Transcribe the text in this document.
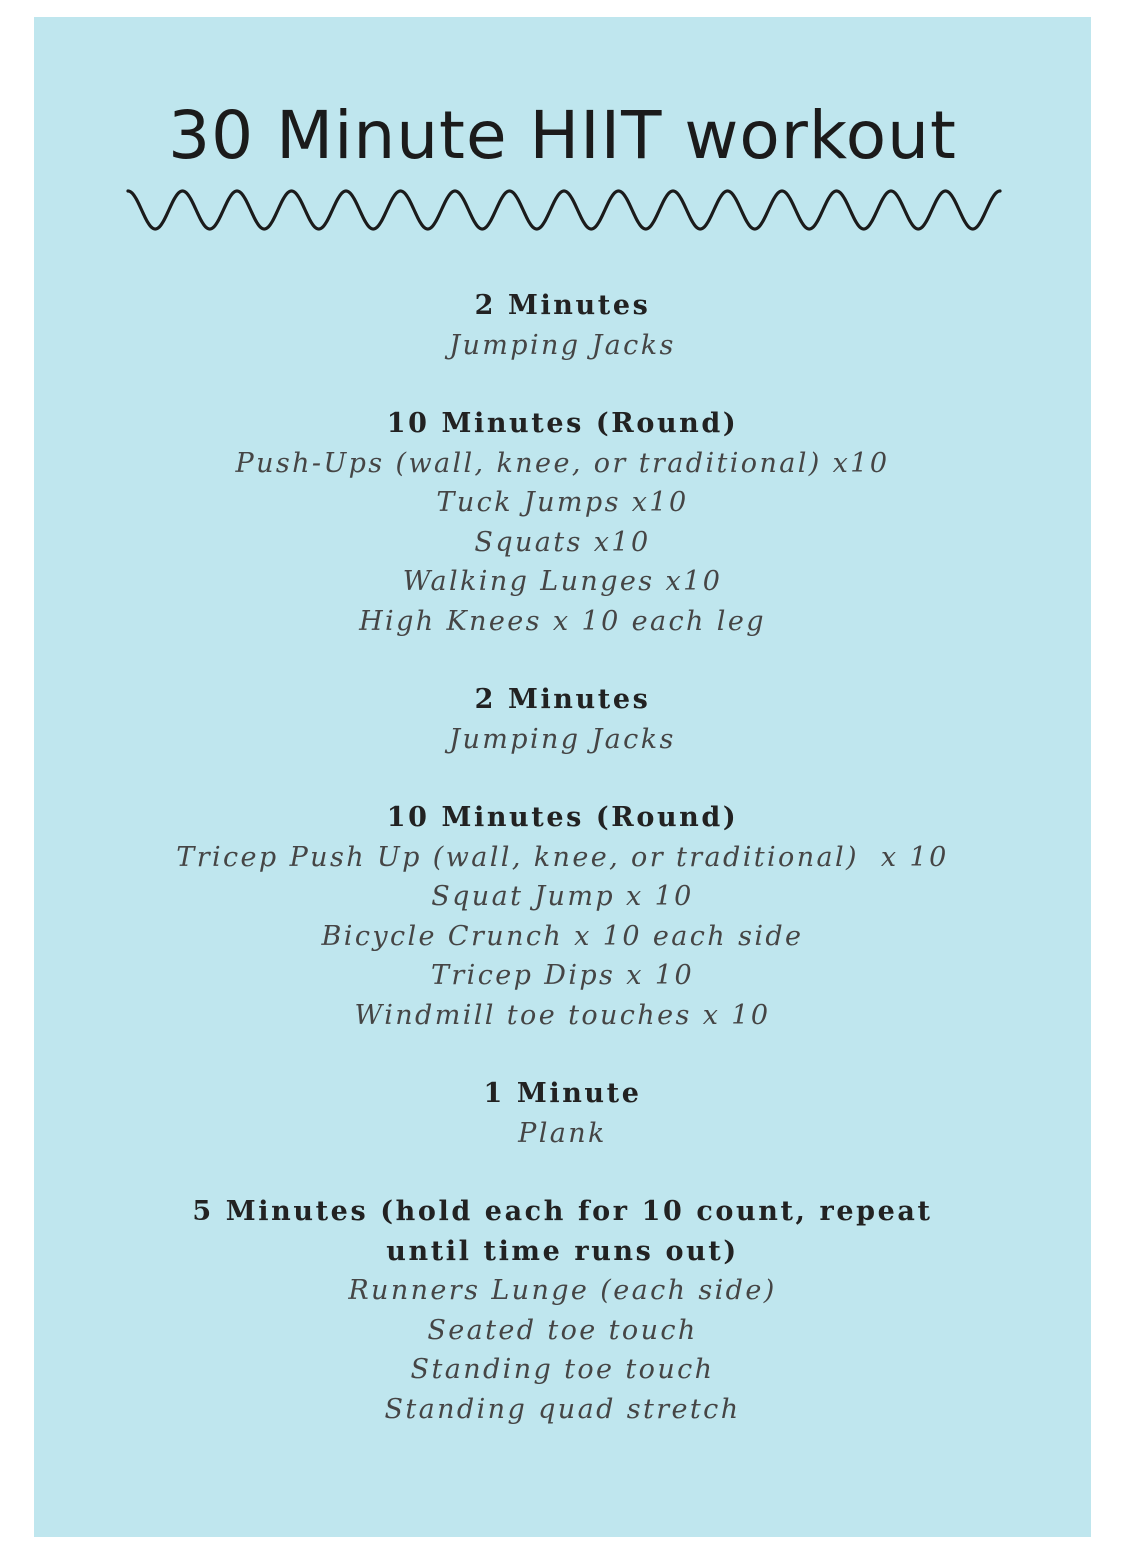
30 Minute HIIT workout
2 Minutes
Jumping Jacks
10 Minutes (Round)
Push-Ups (wall, knee, or traditional) x10
Tuck Jumps x10
Squats x10
Walking Lunges x10
High Knees x 10 each leg
2 Minutes
Jumping Jacks
10 Minutes (Round)
Tricep Push Up (wall, knee, or traditional)  x 10
Squat Jump x 10
Bicycle Crunch x 10 each side
Tricep Dips x 10
Windmill toe touches x 10
1 Minute
Plank
5 Minutes (hold each for 10 count, repeat until time runs out)
Runners Lunge (each side)
Seated toe touch
Standing toe touch
Standing quad stretch
